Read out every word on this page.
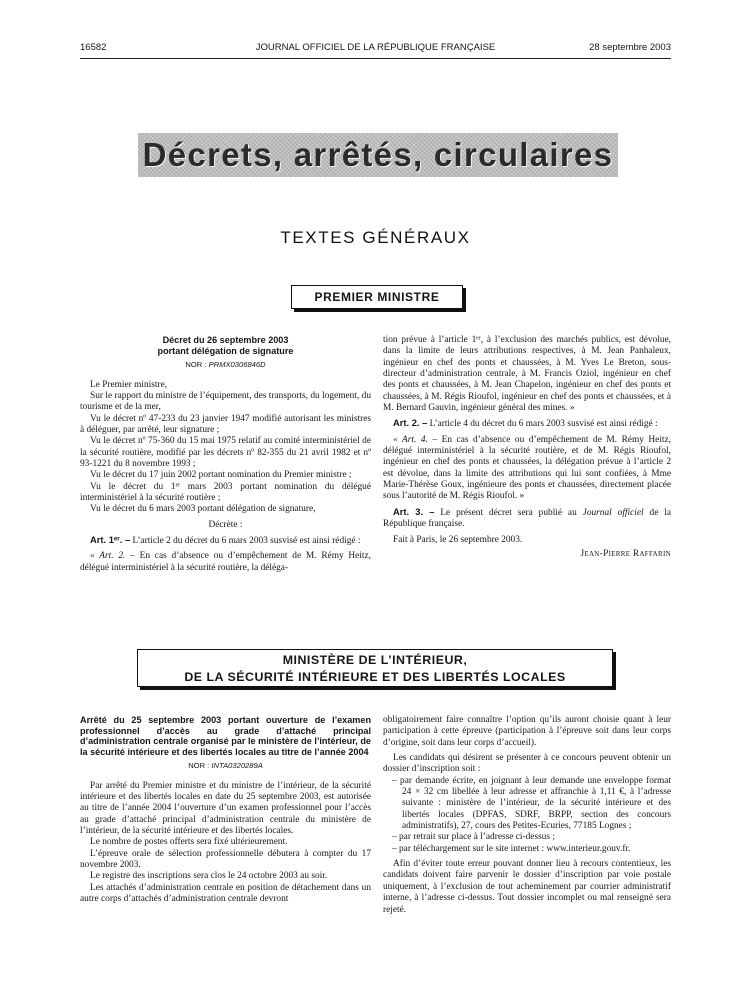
16582	JOURNAL OFFICIEL DE LA RÉPUBLIQUE FRANÇAISE	28 septembre 2003
Décrets, arrêtés, circulaires
TEXTES GÉNÉRAUX
PREMIER MINISTRE

Décret du 26 septembre 2003

portant délégation de signature

NOR : PRMX0306846D

Le Premier ministre,

Sur le rapport du ministre de l’équipement, des transports, du logement, du tourisme et de la mer,

Vu le décret nº 47-233 du 23 janvier 1947 modifié autorisant les ministres à déléguer, par arrêté, leur signature ;

Vu le décret nº 75-360 du 15 mai 1975 relatif au comité interministériel de la sécurité routière, modifié par les décrets nº 82-355 du 21 avril 1982 et nº 93-1221 du 8 novembre 1993 ;

Vu le décret du 17 juin 2002 portant nomination du Premier ministre ;

Vu le décret du 1ᵉʳ mars 2003 portant nomination du délégué interministériel à la sécurité routière ;

Vu le décret du 6 mars 2003 portant délégation de signature,

Décrète :

Art. 1ᵉʳ. – L’article 2 du décret du 6 mars 2003 susvisé est ainsi rédigé :

« Art. 2. – En cas d’absence ou d’empêchement de M. Rémy Heitz, délégué interministériel à la sécurité routière, la déléga-

tion prévue à l’article 1ᵉʳ, à l’exclusion des marchés publics, est dévolue, dans la limite de leurs attributions respectives, à M. Jean Panhaleux, ingénieur en chef des ponts et chaussées, à M. Yves Le Breton, sous-directeur d’administration centrale, à M. Francis Oziol, ingénieur en chef des ponts et chaussées, à M. Jean Chapelon, ingénieur en chef des ponts et chaussées, à M. Régis Rioufol, ingénieur en chef des ponts et chaussées, et à M. Bernard Gauvin, ingénieur général des mines. »

Art. 2. – L’article 4 du décret du 6 mars 2003 susvisé est ainsi rédigé :

« Art. 4. – En cas d’absence ou d’empêchement de M. Rémy Heitz, délégué interministériel à la sécurité routière, et de M. Régis Rioufol, ingénieur en chef des ponts et chaussées, la délégation prévue à l’article 2 est dévolue, dans la limite des attributions qui lui sont confiées, à Mme Marie-Thérèse Goux, ingénieure des ponts et chaussées, directement placée sous l’autorité de M. Régis Rioufol. »

Art. 3. – Le présent décret sera publié au Journal officiel de la République française.

Fait à Paris, le 26 septembre 2003.

Jean-Pierre Raffarin

MINISTÈRE DE L’INTÉRIEUR,
DE LA SÉCURITÉ INTÉRIEURE ET DES LIBERTÉS LOCALES

Arrêté du 25 septembre 2003 portant ouverture de l’examen professionnel d’accès au grade d’attaché principal d’administration centrale organisé par le ministère de l’intérieur, de la sécurité intérieure et des libertés locales au titre de l’année 2004

NOR : INTA0320289A

Par arrêté du Premier ministre et du ministre de l’intérieur, de la sécurité intérieure et des libertés locales en date du 25 septembre 2003, est autorisée au titre de l’année 2004 l’ouverture d’un examen professionnel pour l’accès au grade d’attaché principal d’administration centrale du ministère de l’intérieur, de la sécurité intérieure et des libertés locales.

Le nombre de postes offerts sera fixé ultérieurement.

L’épreuve orale de sélection professionnelle débutera à compter du 17 novembre 2003.

Le registre des inscriptions sera clos le 24 octobre 2003 au soir.

Les attachés d’administration centrale en position de détachement dans un autre corps d’attachés d’administration centrale devront

obligatoirement faire connaître l’option qu’ils auront choisie quant à leur participation à cette épreuve (participation à l’épreuve soit dans leur corps d’origine, soit dans leur corps d’accueil).

Les candidats qui désirent se présenter à ce concours peuvent obtenir un dossier d’inscription soit :

– par demande écrite, en joignant à leur demande une enveloppe format 24 × 32 cm libellée à leur adresse et affranchie à 1,11 €, à l’adresse suivante : ministère de l’intérieur, de la sécurité intérieure et des libertés locales (DPFAS, SDRF, BRPP, section des concours administratifs), 27, cours des Petites-Ecuries, 77185 Lognes ;

– par retrait sur place à l’adresse ci-dessus ;

– par téléchargement sur le site internet : www.interieur.gouv.fr.

Afin d’éviter toute erreur pouvant donner lieu à recours contentieux, les candidats doivent faire parvenir le dossier d’inscription par voie postale uniquement, à l’exclusion de tout acheminement par courrier administratif interne, à l’adresse ci-dessus. Tout dossier incomplet ou mal renseigné sera rejeté.
